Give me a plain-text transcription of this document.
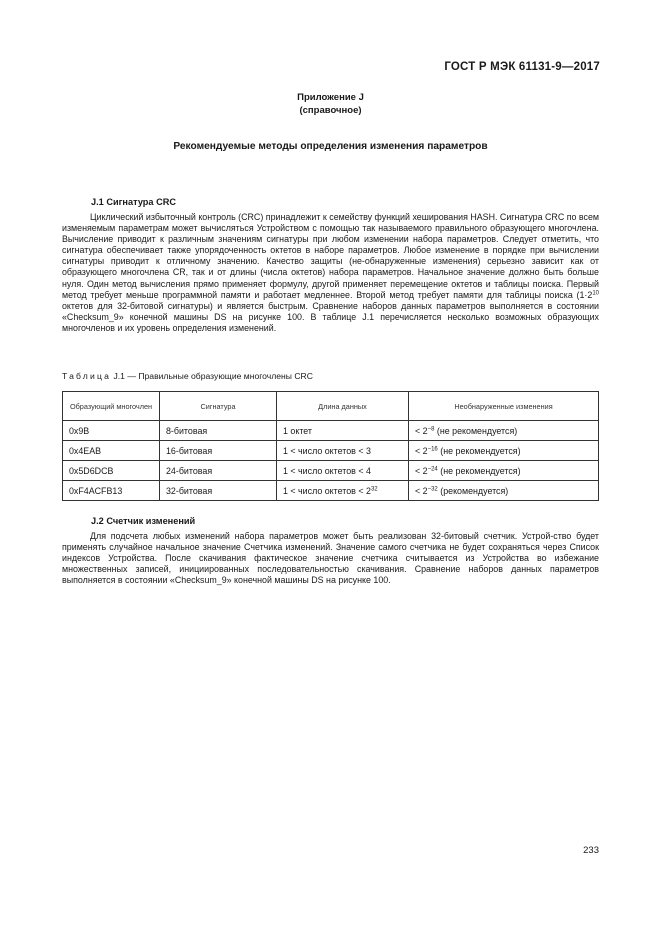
ГОСТ Р МЭК 61131-9—2017
Приложение J
(справочное)
Рекомендуемые методы определения изменения параметров
J.1 Сигнатура CRC

Циклический избыточный контроль (CRC) принадлежит к семейству функций хеширования HASH. Сигнатура CRC по всем изменяемым параметрам может вычисляться Устройством с помощью так называемого правильного образующего многочлена. Вычисление приводит к различным значениям сигнатуры при любом изменении набора параметров. Следует отметить, что сигнатура обеспечивает также упорядоченность октетов в наборе параметров. Любое изменение в порядке при вычислении сигнатуры приводит к отличному значению. Качество защиты (не-обнаруженные изменения) серьезно зависит как от образующего многочлена CR, так и от длины (числа октетов) набора параметров. Начальное значение должно быть больше нуля. Один метод вычисления прямо применяет формулу, другой применяет перемещение октетов и таблицы поиска. Первый метод требует меньше программной памяти и работает медленнее. Второй метод требует памяти для таблицы поиска ($1\cdot 2^{10}$ октетов для 32-битовой сигнатуры) и является быстрым. Сравнение наборов данных параметров выполняется в состоянии «Checksum_9» конечной машины DS на рисунке 100. В таблице J.1 перечисляется несколько возможных образующих многочленов и их уровень определения изменений.

Таблица J.1 — Правильные образующие многочлены CRC
Образующий многочлен	Сигнатура	Длина данных	Необнаруженные изменения
0x9B	8-битовая	1 октет	< $2^{-8}$ (не рекомендуется)
0x4EAB	16-битовая	1 < число октетов < 3	< $2^{-16}$ (не рекомендуется)
0x5D6DCB	24-битовая	1 < число октетов < 4	< $2^{-24}$ (не рекомендуется)
0xF4ACFB13	32-битовая	1 < число октетов < $2^{32}$	< $2^{-32}$ (рекомендуется)
J.2 Счетчик изменений

Для подсчета любых изменений набора параметров может быть реализован 32-битовый счетчик. Устрой-ство будет применять случайное начальное значение Счетчика изменений. Значение самого счетчика не будет сохраняться через Список индексов Устройства. После скачивания фактическое значение счетчика считывается из Устройства во избежание множественных записей, инициированных последовательностью скачивания. Сравнение наборов данных параметров выполняется в состоянии «Checksum_9» конечной машины DS на рисунке 100.

233
